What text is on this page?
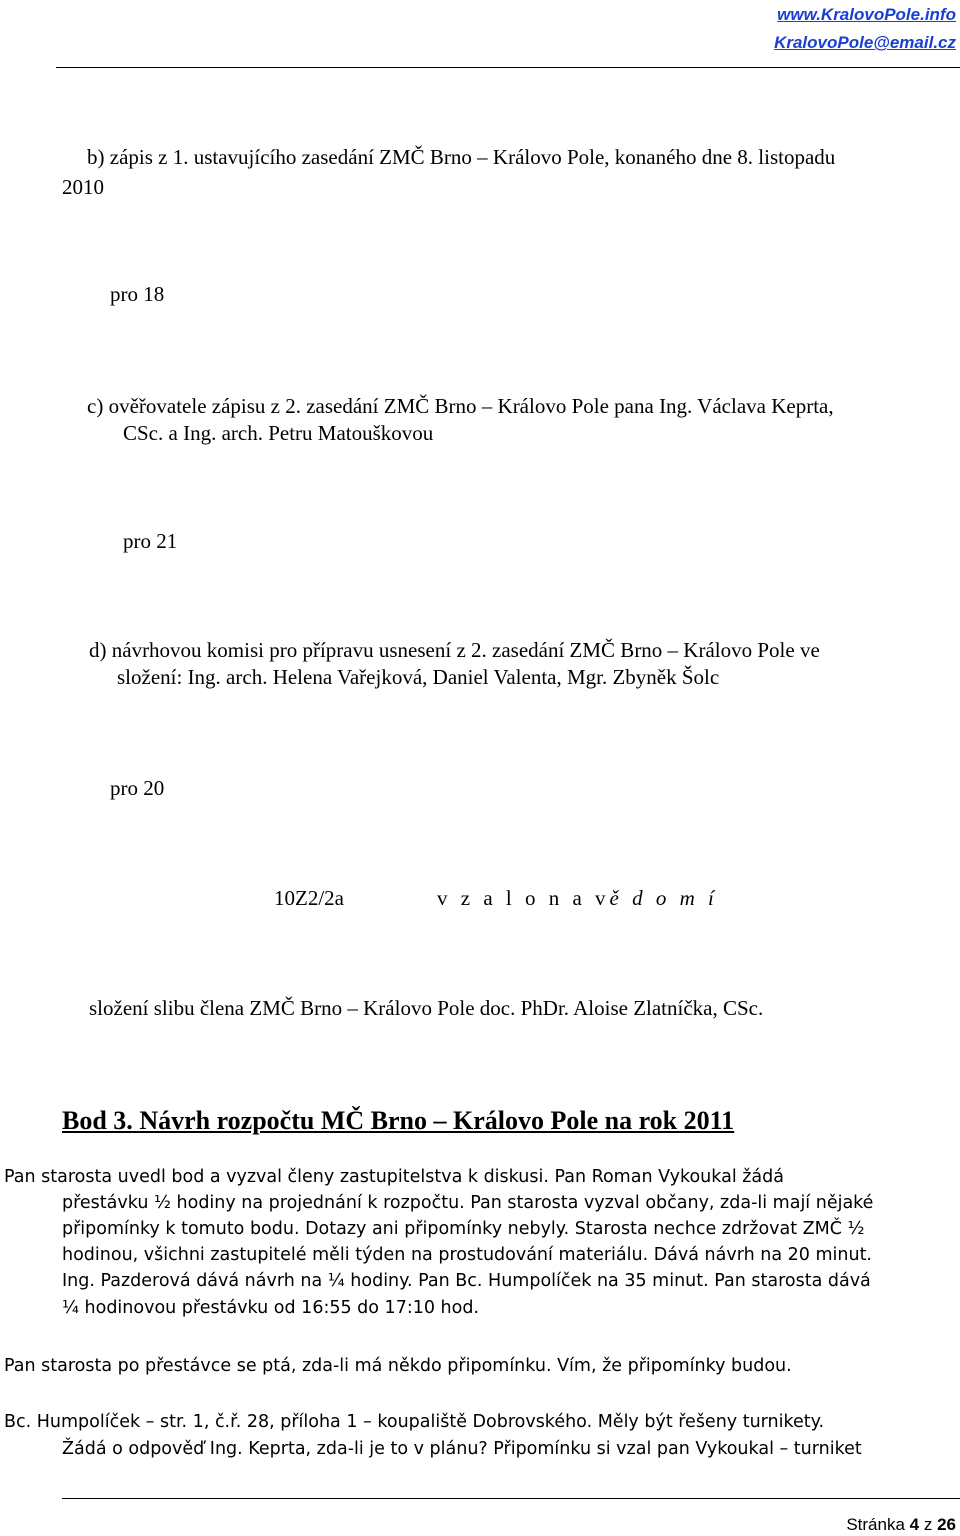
www.KralovoPole.info
KralovoPole@email.cz
b) zápis z 1. ustavujícího zasedání ZMČ Brno – Královo Pole, konaného dne 8. listopadu
2010
pro 18
c) ověřovatele zápisu z 2. zasedání ZMČ Brno – Královo Pole pana Ing. Václava Keprta,
CSc. a Ing. arch. Petru Matouškovou
pro 21
d) návrhovou komisi pro přípravu usnesení z 2. zasedání ZMČ Brno – Královo Pole ve
složení: Ing. arch. Helena Vařejková, Daniel Valenta, Mgr. Zbyněk Šolc
pro 20
10Z2/2a	v z a l o n a vě d o m í
složení slibu člena ZMČ Brno – Královo Pole doc. PhDr. Aloise Zlatníčka, CSc.
Bod 3. Návrh rozpočtu MČ Brno – Královo Pole na rok 2011
Pan starosta uvedl bod a vyzval členy zastupitelstva k diskusi. Pan Roman Vykoukal žádá
přestávku ½ hodiny na projednání k rozpočtu. Pan starosta vyzval občany, zda-li mají nějaké
připomínky k tomuto bodu. Dotazy ani připomínky nebyly. Starosta nechce zdržovat ZMČ ½
hodinou, všichni zastupitelé měli týden na prostudování materiálu. Dává návrh na 20 minut.
Ing. Pazderová dává návrh na ¼ hodiny. Pan Bc. Humpolíček na 35 minut. Pan starosta dává
¼ hodinovou přestávku od 16:55 do 17:10 hod.
Pan starosta po přestávce se ptá, zda-li má někdo připomínku. Vím, že připomínky budou.
Bc. Humpolíček – str. 1, č.ř. 28, příloha 1 – koupaliště Dobrovského. Měly být řešeny turnikety.
Žádá o odpověď Ing. Keprta, zda-li je to v plánu? Připomínku si vzal pan Vykoukal – turniket
Stránka 4 z 26
